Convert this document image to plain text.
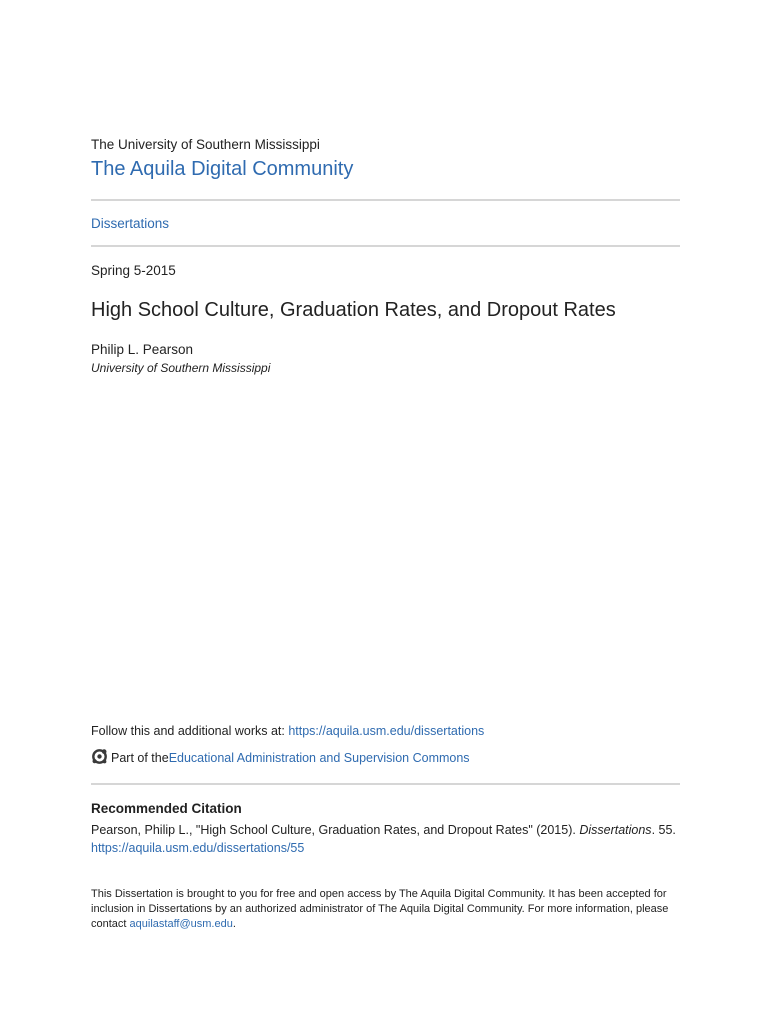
The University of Southern Mississippi
The Aquila Digital Community
Dissertations
Spring 5-2015
High School Culture, Graduation Rates, and Dropout Rates
Philip L. Pearson
University of Southern Mississippi
Follow this and additional works at: https://aquila.usm.edu/dissertations
Part of the Educational Administration and Supervision Commons
Recommended Citation
Pearson, Philip L., "High School Culture, Graduation Rates, and Dropout Rates" (2015). Dissertations. 55.
https://aquila.usm.edu/dissertations/55
This Dissertation is brought to you for free and open access by The Aquila Digital Community. It has been accepted for inclusion in Dissertations by an authorized administrator of The Aquila Digital Community. For more information, please contact aquilastaff@usm.edu.
